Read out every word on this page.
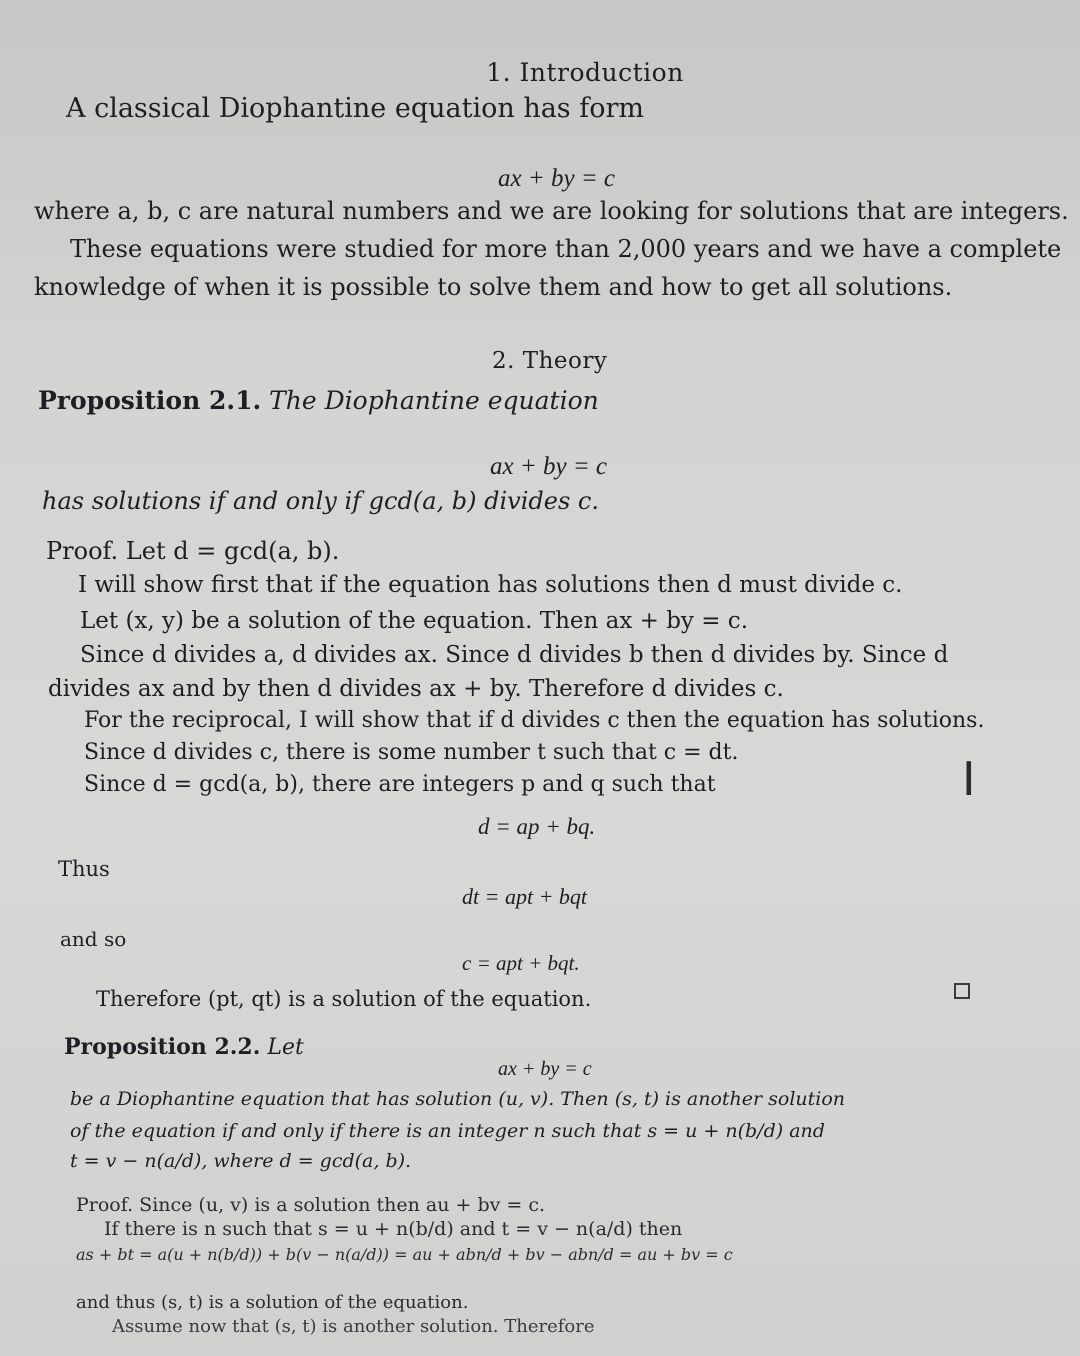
1. Introduction
A classical Diophantine equation has form
ax + by = c
where a, b, c are natural numbers and we are looking for solutions that are integers.
These equations were studied for more than 2,000 years and we have a complete
knowledge of when it is possible to solve them and how to get all solutions.
2. Theory
Proposition 2.1. The Diophantine equation
ax + by = c
has solutions if and only if gcd(a, b) divides c.
Proof. Let d = gcd(a, b).
I will show first that if the equation has solutions then d must divide c.
Let (x, y) be a solution of the equation. Then ax + by = c.
Since d divides a, d divides ax. Since d divides b then d divides by. Since d
divides ax and by then d divides ax + by. Therefore d divides c.
For the reciprocal, I will show that if d divides c then the equation has solutions.
Since d divides c, there is some number t such that c = dt.
Since d = gcd(a, b), there are integers p and q such that	I
d = ap + bq.
Thus
dt = apt + bqt
and so
c = apt + bqt.
Therefore (pt, qt) is a solution of the equation.
Proposition 2.2. Let
ax + by = c
be a Diophantine equation that has solution (u, v). Then (s, t) is another solution
of the equation if and only if there is an integer n such that s = u + n(b/d) and
t = v − n(a/d), where d = gcd(a, b).
Proof. Since (u, v) is a solution then au + bv = c.
If there is n such that s = u + n(b/d) and t = v − n(a/d) then
as + bt = a(u + n(b/d)) + b(v − n(a/d)) = au + abn/d + bv − abn/d = au + bv = c
and thus (s, t) is a solution of the equation.
Assume now that (s, t) is another solution. Therefore
